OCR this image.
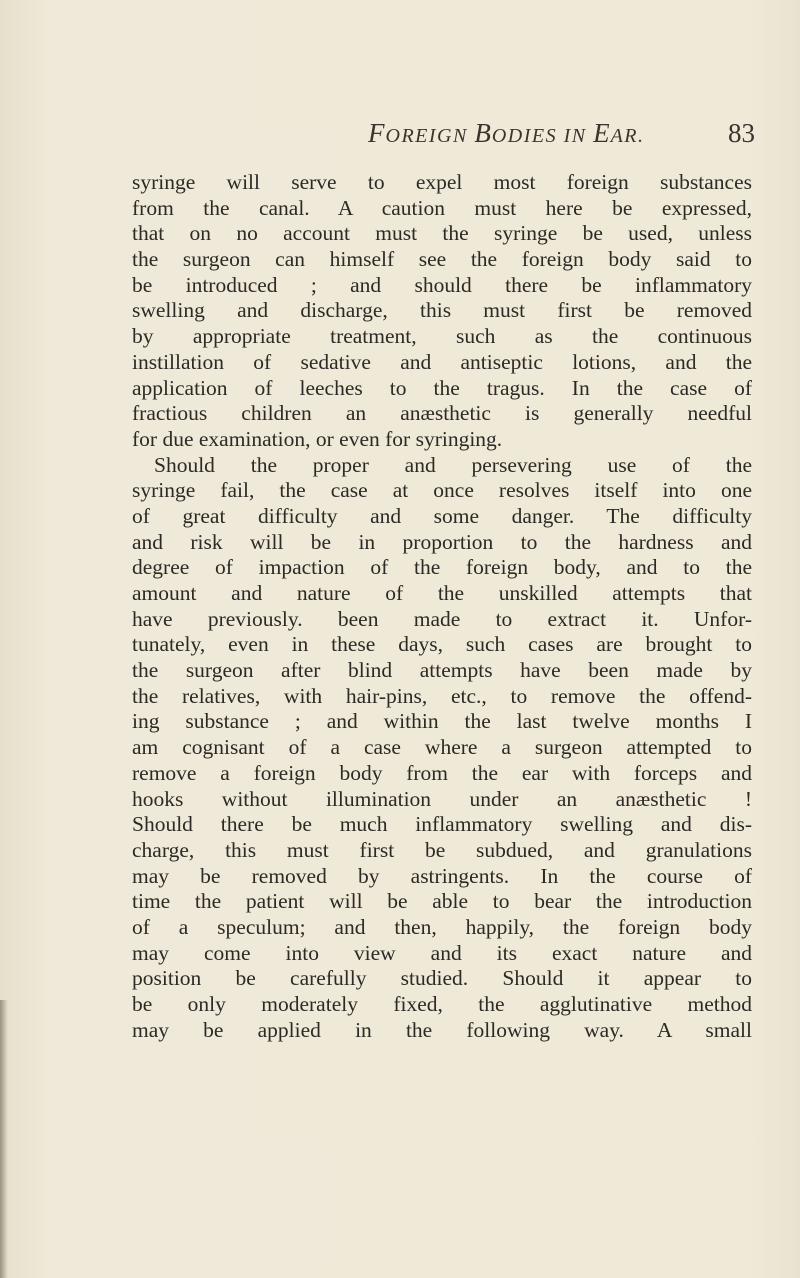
FOREIGN BODIES IN EAR.	83
syringe will serve to expel most foreign substances
from the canal. A caution must here be expressed,
that on no account must the syringe be used, unless
the surgeon can himself see the foreign body said to
be introduced ; and should there be inflammatory
swelling and discharge, this must first be removed
by appropriate treatment, such as the continuous
instillation of sedative and antiseptic lotions, and the
application of leeches to the tragus. In the case of
fractious children an anæsthetic is generally needful
for due examination, or even for syringing.
Should the proper and persevering use of the
syringe fail, the case at once resolves itself into one
of great difficulty and some danger. The difficulty
and risk will be in proportion to the hardness and
degree of impaction of the foreign body, and to the
amount and nature of the unskilled attempts that
have previously. been made to extract it. Unfor-
tunately, even in these days, such cases are brought to
the surgeon after blind attempts have been made by
the relatives, with hair-pins, etc., to remove the offend-
ing substance ; and within the last twelve months I
am cognisant of a case where a surgeon attempted to
remove a foreign body from the ear with forceps and
hooks without illumination under an anæsthetic !
Should there be much inflammatory swelling and dis-
charge, this must first be subdued, and granulations
may be removed by astringents. In the course of
time the patient will be able to bear the introduction
of a speculum; and then, happily, the foreign body
may come into view and its exact nature and
position be carefully studied. Should it appear to
be only moderately fixed, the agglutinative method
may be applied in the following way. A small
